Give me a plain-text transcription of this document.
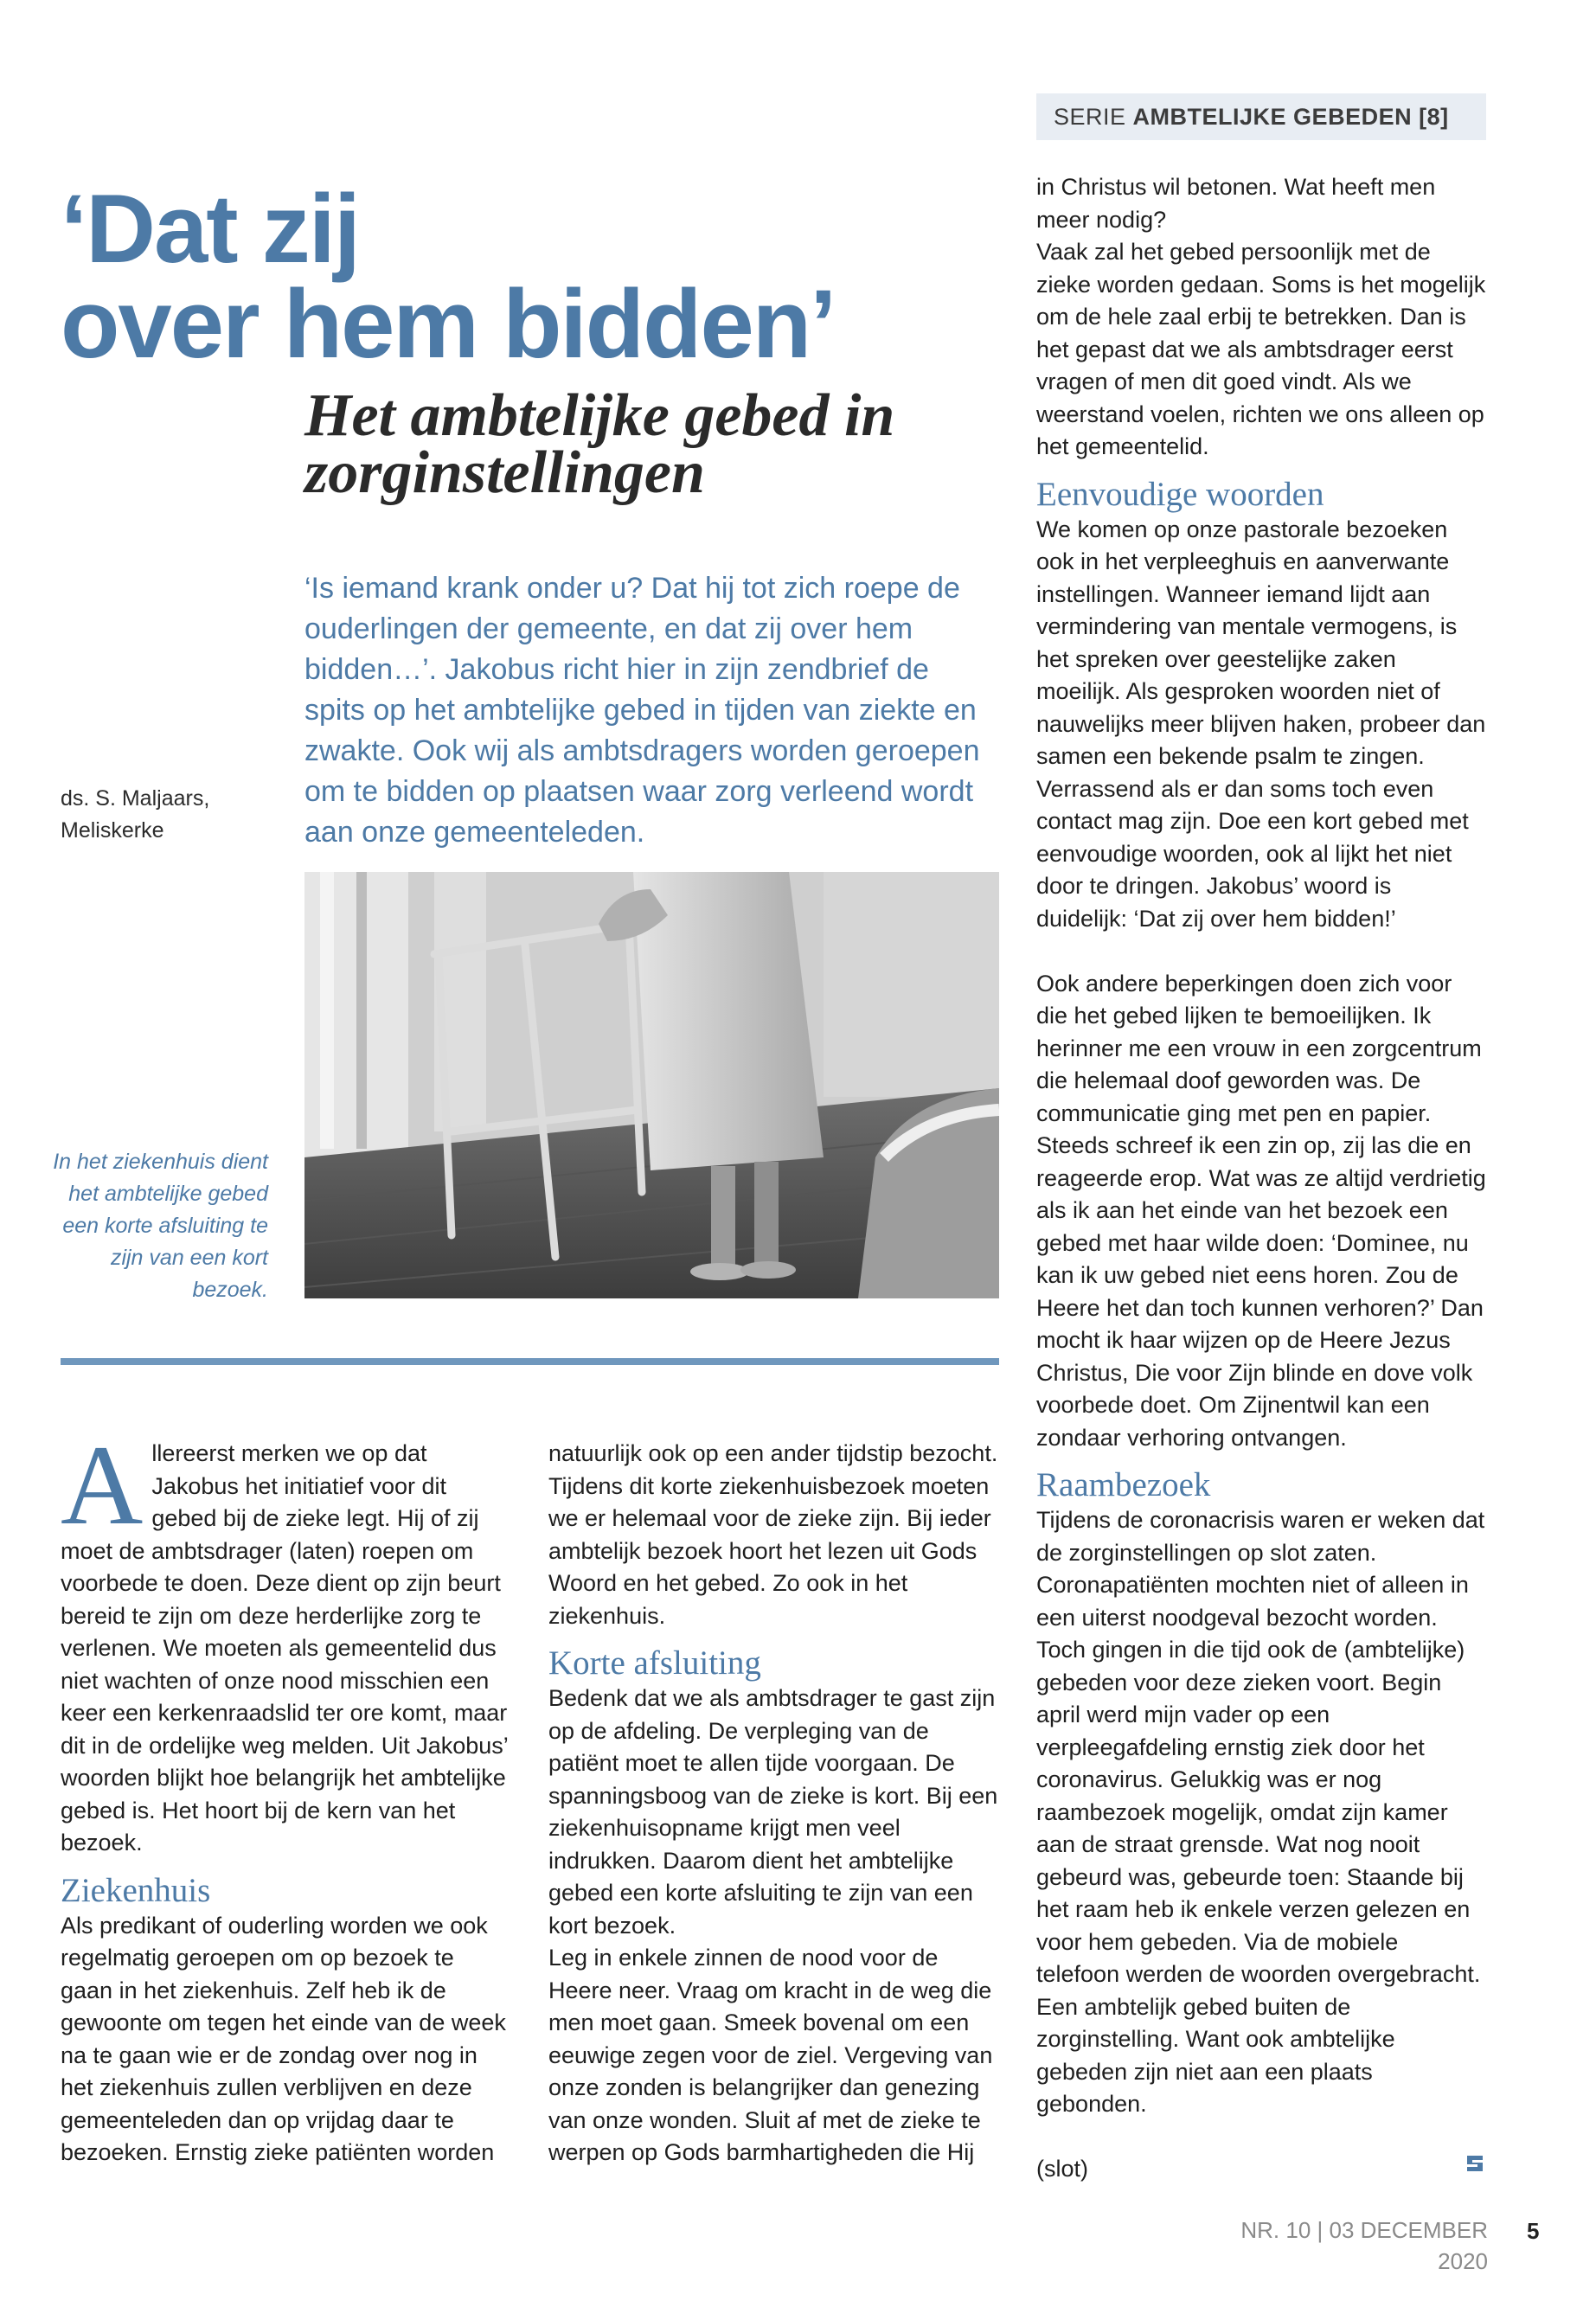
SERIE AMBTELIJKE GEBEDEN [8]
‘Dat zij
over hem bidden’
Het ambtelijke gebed in
zorginstellingen

‘Is iemand krank onder u? Dat hij tot zich roepe de ouderlingen der gemeente, en dat zij over hem bidden…’. Jakobus richt hier in zijn zendbrief de spits op het ambtelijke gebed in tijden van ziekte en zwakte. Ook wij als ambtsdragers worden geroepen om te bidden op plaatsen waar zorg verleend wordt aan onze gemeenteleden.

ds. S. Maljaars,
Meliskerke
In het ziekenhuis dient het ambtelijke gebed een korte afsluiting te zijn van een kort bezoek.

Allereerst merken we op dat Jakobus het initiatief voor dit gebed bij de zieke legt. Hij of zij moet de ambtsdrager (laten) roepen om voorbede te doen. Deze dient op zijn beurt bereid te zijn om deze herderlijke zorg te verlenen. We moeten als gemeentelid dus niet wachten of onze nood misschien een keer een kerkenraadslid ter ore komt, maar dit in de ordelijke weg melden. Uit Jakobus’ woorden blijkt hoe belangrijk het ambtelijke gebed is. Het hoort bij de kern van het bezoek.

Ziekenhuis

Als predikant of ouderling worden we ook regelmatig geroepen om op bezoek te gaan in het ziekenhuis. Zelf heb ik de gewoonte om tegen het einde van de week na te gaan wie er de zondag over nog in het ziekenhuis zullen verblijven en deze gemeenteleden dan op vrijdag daar te bezoeken. Ernstig zieke patiënten worden

natuurlijk ook op een ander tijdstip bezocht. Tijdens dit korte ziekenhuisbezoek moeten we er helemaal voor de zieke zijn. Bij ieder ambtelijk bezoek hoort het lezen uit Gods Woord en het gebed. Zo ook in het ziekenhuis.

Korte afsluiting

Bedenk dat we als ambtsdrager te gast zijn op de afdeling. De verpleging van de patiënt moet te allen tijde voorgaan. De spanningsboog van de zieke is kort. Bij een ziekenhuisopname krijgt men veel indrukken. Daarom dient het ambtelijke gebed een korte afsluiting te zijn van een kort bezoek.

Leg in enkele zinnen de nood voor de Heere neer. Vraag om kracht in de weg die men moet gaan. Smeek bovenal om een eeuwige zegen voor de ziel. Vergeving van onze zonden is belangrijker dan genezing van onze wonden. Sluit af met de zieke te werpen op Gods barmhartigheden die Hij

in Christus wil betonen. Wat heeft men meer nodig?

Vaak zal het gebed persoonlijk met de zieke worden gedaan. Soms is het mogelijk om de hele zaal erbij te betrekken. Dan is het gepast dat we als ambtsdrager eerst vragen of men dit goed vindt. Als we weerstand voelen, richten we ons alleen op het gemeentelid.

Eenvoudige woorden

We komen op onze pastorale bezoeken ook in het verpleeghuis en aanverwante instellingen. Wanneer iemand lijdt aan vermindering van mentale vermogens, is het spreken over geestelijke zaken moeilijk. Als gesproken woorden niet of nauwelijks meer blijven haken, probeer dan samen een bekende psalm te zingen. Verrassend als er dan soms toch even contact mag zijn. Doe een kort gebed met eenvoudige woorden, ook al lijkt het niet door te dringen. Jakobus’ woord is duidelijk: ‘Dat zij over hem bidden!’

Ook andere beperkingen doen zich voor die het gebed lijken te bemoeilijken. Ik herinner me een vrouw in een zorgcentrum die helemaal doof geworden was. De communicatie ging met pen en papier. Steeds schreef ik een zin op, zij las die en reageerde erop. Wat was ze altijd verdrietig als ik aan het einde van het bezoek een gebed met haar wilde doen: ‘Dominee, nu kan ik uw gebed niet eens horen. Zou de Heere het dan toch kunnen verhoren?’ Dan mocht ik haar wijzen op de Heere Jezus Christus, Die voor Zijn blinde en dove volk voorbede doet. Om Zijnentwil kan een zondaar verhoring ontvangen.

Raambezoek

Tijdens de coronacrisis waren er weken dat de zorginstellingen op slot zaten. Coronapatiënten mochten niet of alleen in een uiterst noodgeval bezocht worden. Toch gingen in die tijd ook de (ambtelijke) gebeden voor deze zieken voort. Begin april werd mijn vader op een verpleegafdeling ernstig ziek door het coronavirus. Gelukkig was er nog raambezoek mogelijk, omdat zijn kamer aan de straat grensde. Wat nog nooit gebeurd was, gebeurde toen: Staande bij het raam heb ik enkele verzen gelezen en voor hem gebeden. Via de mobiele telefoon werden de woorden overgebracht.

Een ambtelijk gebed buiten de zorginstelling. Want ook ambtelijke gebeden zijn niet aan een plaats gebonden.

(slot)

NR. 10 | 03 DECEMBER 2020
5
